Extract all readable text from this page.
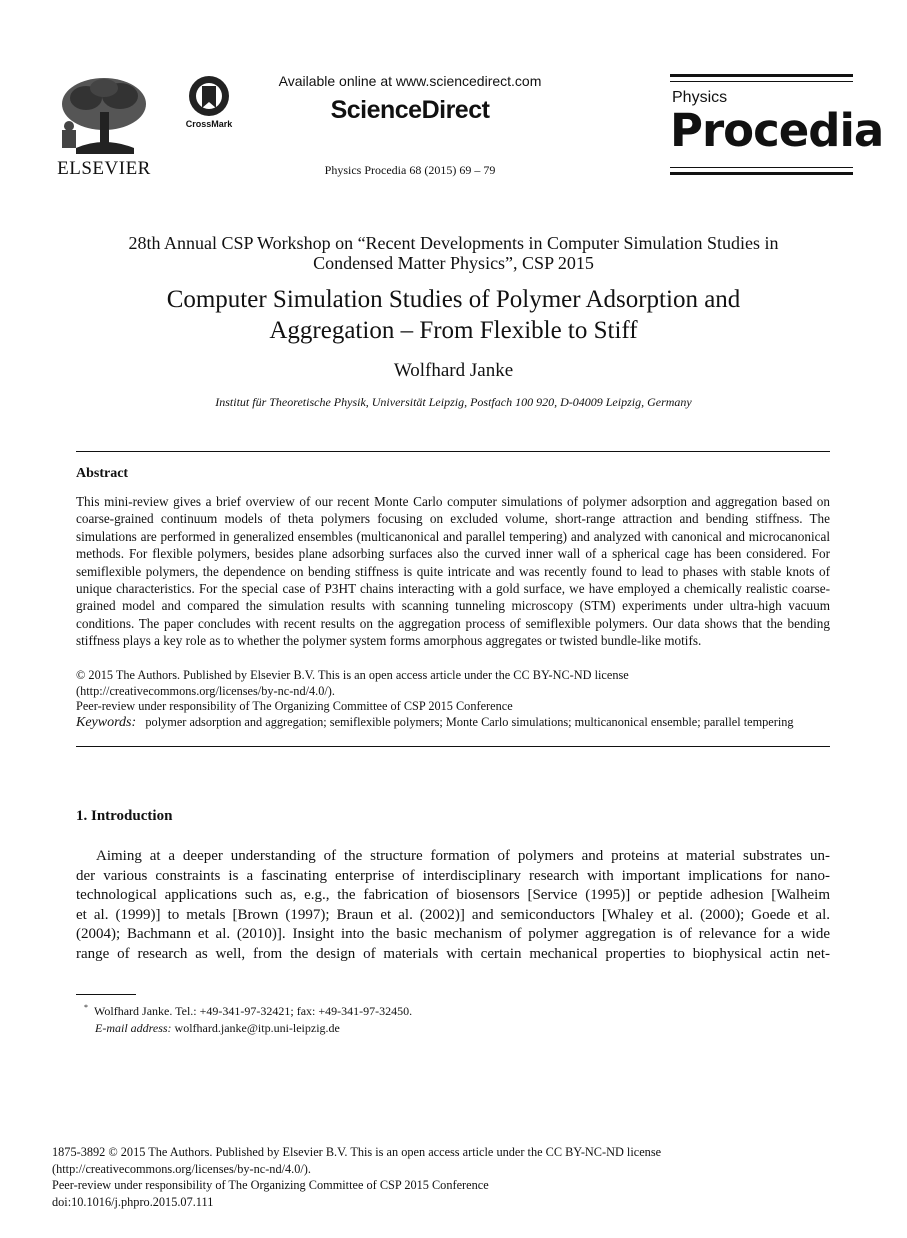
ELSEVIER
CrossMark
Available online at www.sciencedirect.com
ScienceDirect
Physics Procedia 68 (2015) 69 – 79
Physics
Procedia
28th Annual CSP Workshop on “Recent Developments in Computer Simulation Studies in
Condensed Matter Physics”, CSP 2015
Computer Simulation Studies of Polymer Adsorption and
Aggregation – From Flexible to Stiff
Wolfhard Janke
Institut für Theoretische Physik, Universität Leipzig, Postfach 100 920, D-04009 Leipzig, Germany
Abstract

This mini-review gives a brief overview of our recent Monte Carlo computer simulations of polymer adsorption and aggregation based on coarse-grained continuum models of theta polymers focusing on excluded volume, short-range attraction and bending stiffness. The simulations are performed in generalized ensembles (multicanonical and parallel tempering) and analyzed with canonical and microcanonical methods. For flexible polymers, besides plane adsorbing surfaces also the curved inner wall of a spherical cage has been considered. For semiflexible polymers, the dependence on bending stiffness is quite intricate and was recently found to lead to phases with stable knots of unique characteristics. For the special case of P3HT chains interacting with a gold surface, we have employed a chemically realistic coarse-grained model and compared the simulation results with scanning tunneling microscopy (STM) experiments under ultra-high vacuum conditions. The paper concludes with recent results on the aggregation process of semiflexible polymers. Our data shows that the bending stiffness plays a key role as to whether the polymer system forms amorphous aggregates or twisted bundle-like motifs.

© 2015 The Authors. Published by Elsevier B.V. This is an open access article under the CC BY-NC-ND license
(http://creativecommons.org/licenses/by-nc-nd/4.0/).
Peer-review under responsibility of The Organizing Committee of CSP 2015 Conference
Keywords: polymer adsorption and aggregation; semiflexible polymers; Monte Carlo simulations; multicanonical ensemble; parallel tempering
1. Introduction
Aiming at a deeper understanding of the structure formation of polymers and proteins at material substrates un-
der various constraints is a fascinating enterprise of interdisciplinary research with important implications for nano-
technological applications such as, e.g., the fabrication of biosensors [Service (1995)] or peptide adhesion [Walheim
et al. (1999)] to metals [Brown (1997); Braun et al. (2002)] and semiconductors [Whaley et al. (2000); Goede et al.
(2004); Bachmann et al. (2010)]. Insight into the basic mechanism of polymer aggregation is of relevance for a wide
range of research as well, from the design of materials with certain mechanical properties to biophysical actin net-
* Wolfhard Janke. Tel.: +49-341-97-32421; fax: +49-341-97-32450.
E-mail address: wolfhard.janke@itp.uni-leipzig.de
1875-3892 © 2015 The Authors. Published by Elsevier B.V. This is an open access article under the CC BY-NC-ND license
(http://creativecommons.org/licenses/by-nc-nd/4.0/).
Peer-review under responsibility of The Organizing Committee of CSP 2015 Conference
doi:10.1016/j.phpro.2015.07.111
